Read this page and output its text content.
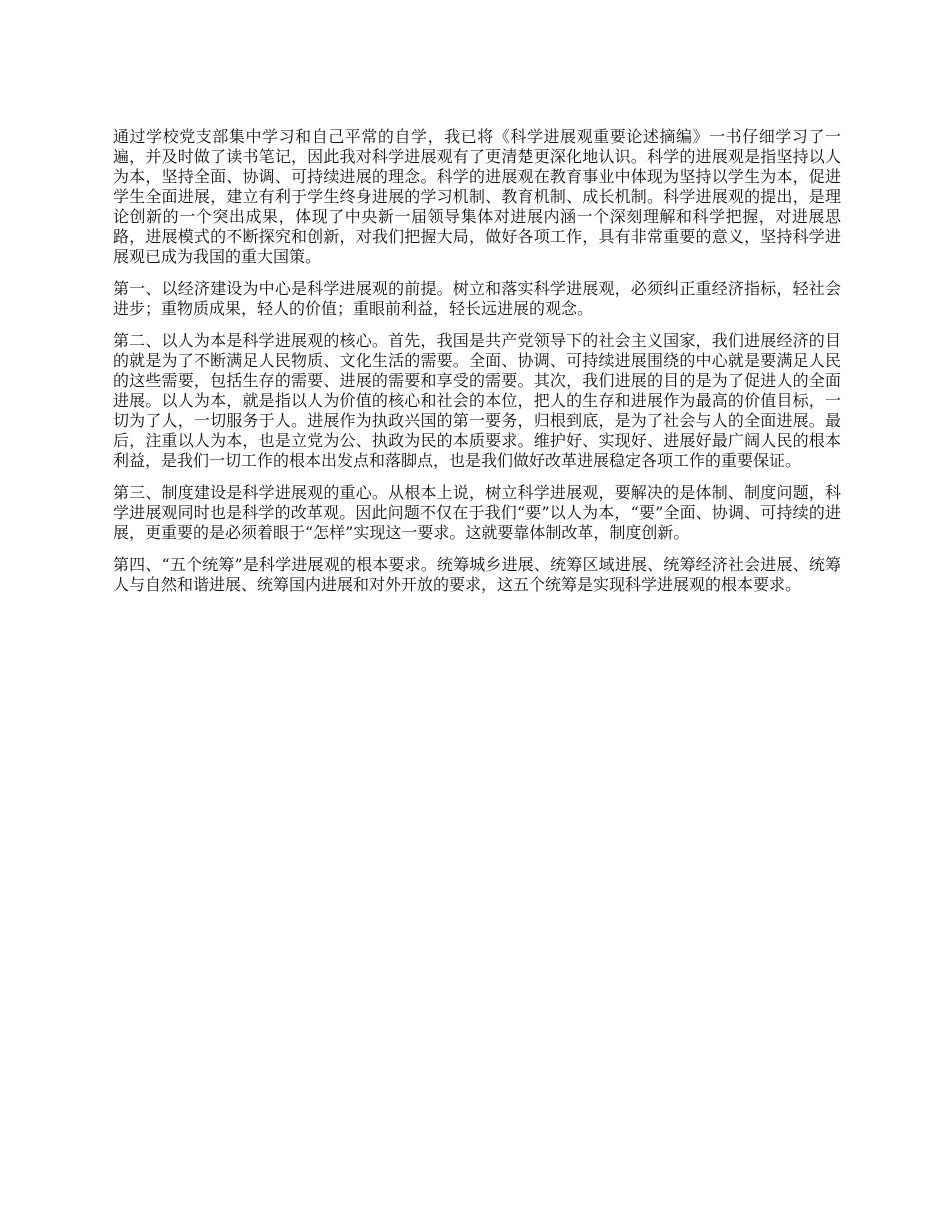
通过学校党支部集中学习和自己平常的自学，我已将《科学进展观重要论述摘编》一书仔细学习了一遍，并及时做了读书笔记，因此我对科学进展观有了更清楚更深化地认识。科学的进展观是指坚持以人为本，坚持全面、协调、可持续进展的理念。科学的进展观在教育事业中体现为坚持以学生为本，促进学生全面进展，建立有利于学生终身进展的学习机制、教育机制、成长机制。科学进展观的提出，是理论创新的一个突出成果，体现了中央新一届领导集体对进展内涵一个深刻理解和科学把握，对进展思路，进展模式的不断探究和创新，对我们把握大局，做好各项工作，具有非常重要的意义，坚持科学进展观已成为我国的重大国策。

第一、以经济建设为中心是科学进展观的前提。树立和落实科学进展观，必须纠正重经济指标，轻社会进步；重物质成果，轻人的价值；重眼前利益，轻长远进展的观念。

第二、以人为本是科学进展观的核心。首先，我国是共产党领导下的社会主义国家，我们进展经济的目的就是为了不断满足人民物质、文化生活的需要。全面、协调、可持续进展围绕的中心就是要满足人民的这些需要，包括生存的需要、进展的需要和享受的需要。其次，我们进展的目的是为了促进人的全面进展。以人为本，就是指以人为价值的核心和社会的本位，把人的生存和进展作为最高的价值目标，一切为了人，一切服务于人。进展作为执政兴国的第一要务，归根到底，是为了社会与人的全面进展。最后，注重以人为本，也是立党为公、执政为民的本质要求。维护好、实现好、进展好最广阔人民的根本利益，是我们一切工作的根本出发点和落脚点，也是我们做好改革进展稳定各项工作的重要保证。

第三、制度建设是科学进展观的重心。从根本上说，树立科学进展观，要解决的是体制、制度问题，科学进展观同时也是科学的改革观。因此问题不仅在于我们“要”以人为本，“要”全面、协调、可持续的进展，更重要的是必须着眼于“怎样”实现这一要求。这就要靠体制改革，制度创新。

第四、“五个统筹”是科学进展观的根本要求。统筹城乡进展、统筹区域进展、统筹经济社会进展、统筹人与自然和谐进展、统筹国内进展和对外开放的要求，这五个统筹是实现科学进展观的根本要求。
